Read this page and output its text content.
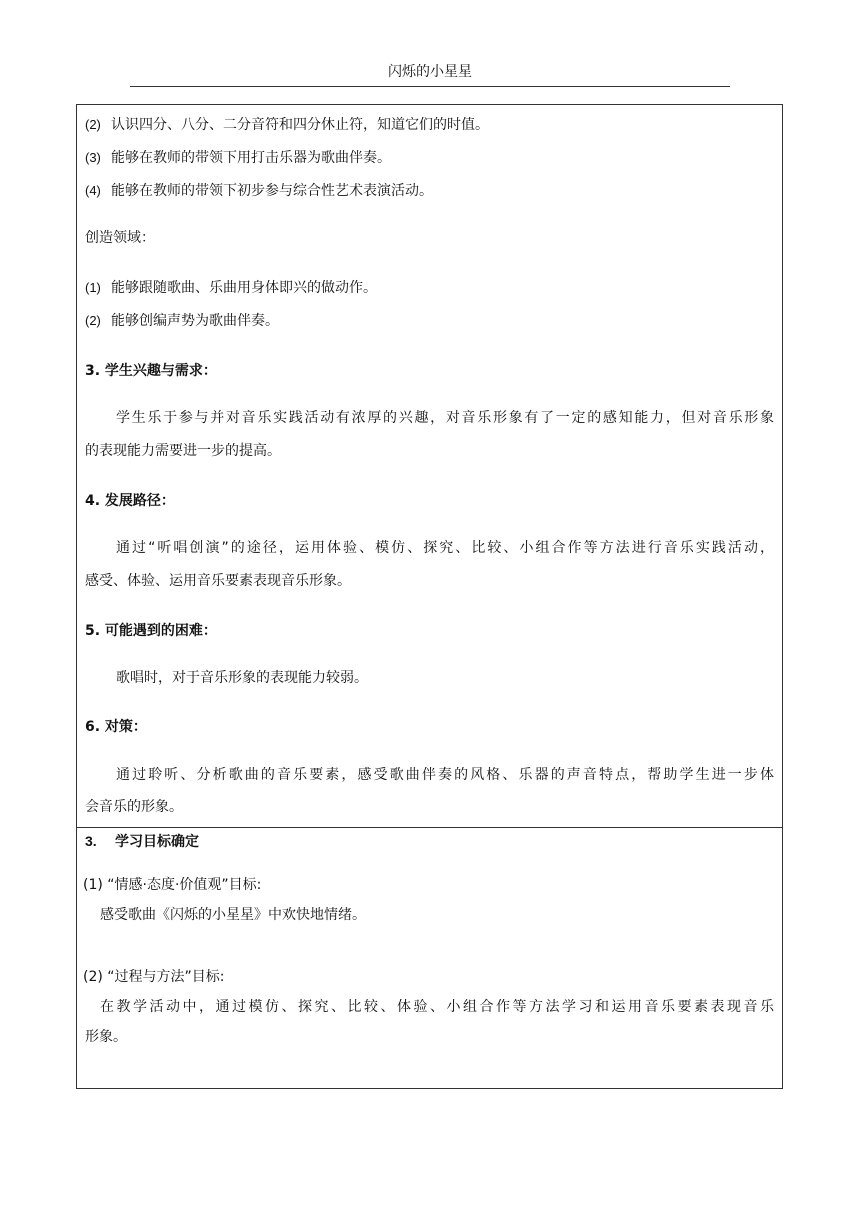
闪烁的小星星
(2) 认识四分、八分、二分音符和四分休止符，知道它们的时值。
(3) 能够在教师的带领下用打击乐器为歌曲伴奏。
(4) 能够在教师的带领下初步参与综合性艺术表演活动。
创造领域：
(1) 能够跟随歌曲、乐曲用身体即兴的做动作。
(2) 能够创编声势为歌曲伴奏。
3. 学生兴趣与需求：
学生乐于参与并对音乐实践活动有浓厚的兴趣，对音乐形象有了一定的感知能力，但对音乐形象
的表现能力需要进一步的提高。
4. 发展路径：
通过“听唱创演”的途径，运用体验、模仿、探究、比较、小组合作等方法进行音乐实践活动，
感受、体验、运用音乐要素表现音乐形象。
5. 可能遇到的困难：
歌唱时，对于音乐形象的表现能力较弱。
6. 对策：
通过聆听、分析歌曲的音乐要素，感受歌曲伴奏的风格、乐器的声音特点，帮助学生进一步体
会音乐的形象。
3. 学习目标确定
(1) “情感·态度·价值观”目标:
感受歌曲《闪烁的小星星》中欢快地情绪。
(2) “过程与方法”目标:
在教学活动中，通过模仿、探究、比较、体验、小组合作等方法学习和运用音乐要素表现音乐
形象。
